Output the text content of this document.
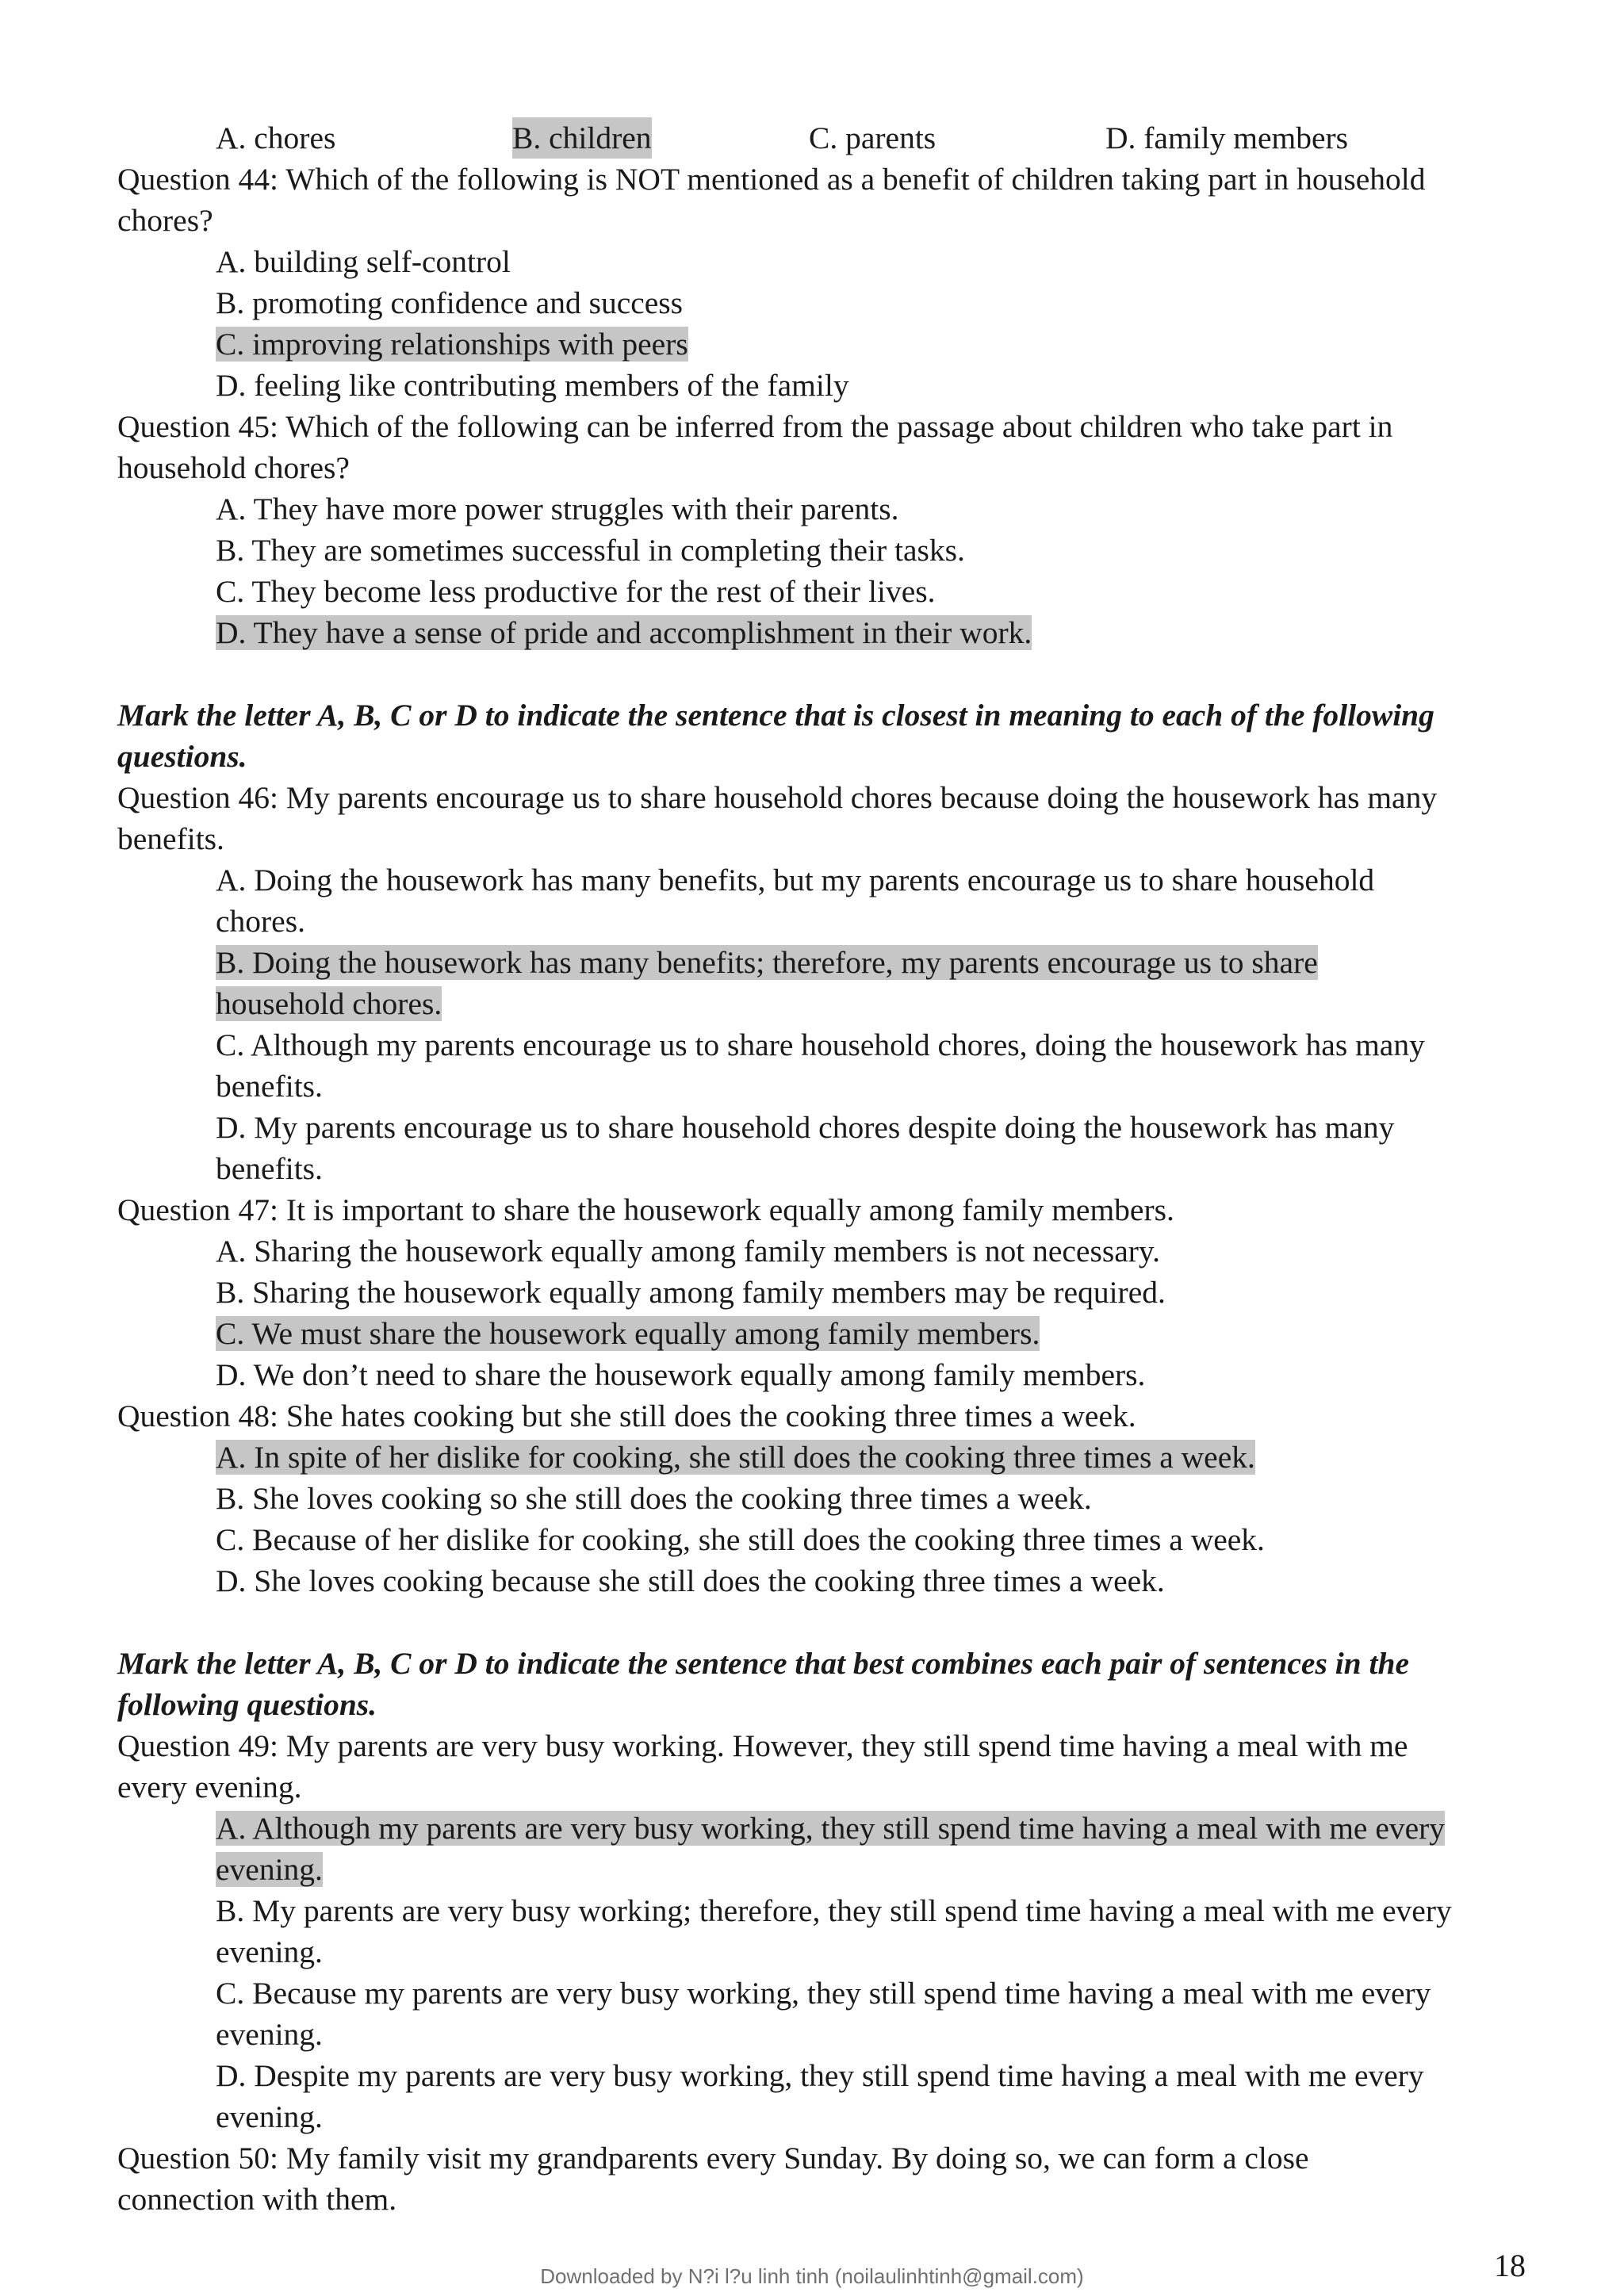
A. chores	B. children	C. parents	D. family members
Question 44: Which of the following is NOT mentioned as a benefit of children taking part in household
chores?
A. building self-control
B. promoting confidence and success
C. improving relationships with peers
D. feeling like contributing members of the family
Question 45: Which of the following can be inferred from the passage about children who take part in
household chores?
A. They have more power struggles with their parents.
B. They are sometimes successful in completing their tasks.
C. They become less productive for the rest of their lives.
D. They have a sense of pride and accomplishment in their work.
Mark the letter A, B, C or D to indicate the sentence that is closest in meaning to each of the following
questions.
Question 46: My parents encourage us to share household chores because doing the housework has many
benefits.
A. Doing the housework has many benefits, but my parents encourage us to share household
chores.
B. Doing the housework has many benefits; therefore, my parents encourage us to share
household chores.
C. Although my parents encourage us to share household chores, doing the housework has many
benefits.
D. My parents encourage us to share household chores despite doing the housework has many
benefits.
Question 47: It is important to share the housework equally among family members.
A. Sharing the housework equally among family members is not necessary.
B. Sharing the housework equally among family members may be required.
C. We must share the housework equally among family members.
D. We don’t need to share the housework equally among family members.
Question 48: She hates cooking but she still does the cooking three times a week.
A. In spite of her dislike for cooking, she still does the cooking three times a week.
B. She loves cooking so she still does the cooking three times a week.
C. Because of her dislike for cooking, she still does the cooking three times a week.
D. She loves cooking because she still does the cooking three times a week.
Mark the letter A, B, C or D to indicate the sentence that best combines each pair of sentences in the
following questions.
Question 49: My parents are very busy working. However, they still spend time having a meal with me
every evening.
A. Although my parents are very busy working, they still spend time having a meal with me every
evening.
B. My parents are very busy working; therefore, they still spend time having a meal with me every
evening.
C. Because my parents are very busy working, they still spend time having a meal with me every
evening.
D. Despite my parents are very busy working, they still spend time having a meal with me every
evening.
Question 50: My family visit my grandparents every Sunday. By doing so, we can form a close
connection with them.
18
Downloaded by N?i l?u linh tinh (noilaulinhtinh@gmail.com)
